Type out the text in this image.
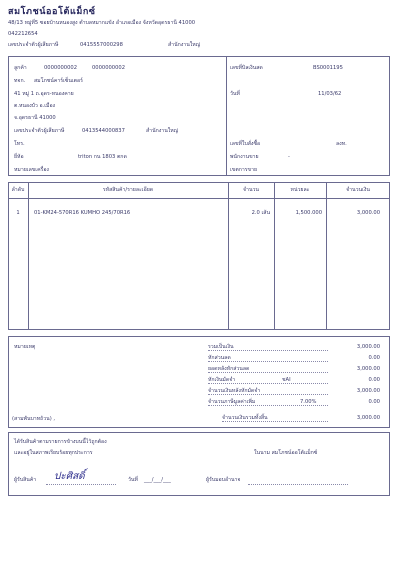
สมโภชน์ออโต้แม็กซ์
48/13 หมู่ที่5 ซอยบ้านหนองสูง ตำบลหมากแข้ง อำเภอเมือง จังหวัดอุดรธานี 41000
042212654
เลขประจำตัวผู้เสียภาษี	0415557000298	สำนักงานใหญ่
ลูกค้า	0000000002	0000000002
ทจก. สมโภชน์คาร์เซ็นเตอร์
41 หมู่ 1 ถ.อุดร-หนองคาย
ต.หนองบัว อ.เมือง
จ.อุดรธานี 41000
เลขประจำตัวผู้เสียภาษี	0413544000837	สำนักงานใหญ่
โทร.
ยี่ห้อ	triton กน 1803 ตกด
หมายเลขเครื่อง
เลขที่บิลเงินสด	BS0001195
วันที่	11/03/62
เลขที่ใบสั่งซื้อ	ลงท.
พนักงานขาย	-
เขตการขาย
ลำดับ	รหัสสินค้า/รายละเอียด	จำนวน	หน่วยละ	จำนวนเงิน
1	01-KM24-570R16 KUMHO 245/70R16	2.0 เส้น	1,500.000	3,000.00
หมายเหตุ
(สามพันบาทถ้วน) ,
รวมเป็นเงิน	3,000.00
หักส่วนลด	0.00
ยอดหลังหักส่วนลด	3,000.00
หักเงินมัดจำ	ชAI	0.00
จำนวนเงินหลังหักมัดจำ	3,000.00
จำนวนภาษีมูลค่าเพิ่ม	7.00%	0.00
จำนวนเงินรวมทั้งสิ้น	3,000.00
ได้รับสินค้าตามรายการข้างบนนี้ไว้ถูกต้อง
และอยู่ในสภาพเรียบร้อยทุกประการ	ในนาม สมโภชน์ออโต้แม็กซ์
ผู้รับสินค้า ปะศิสดิ์	วันที่ ___/___/___	ผู้รับมอบอำนาจ
